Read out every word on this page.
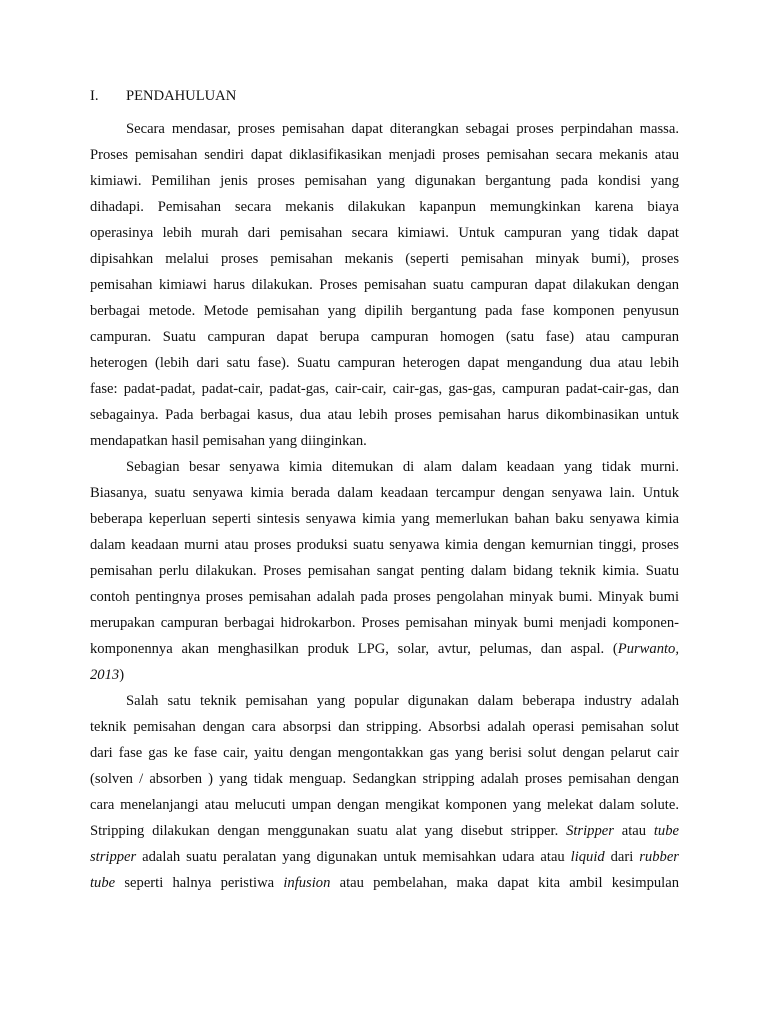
I. PENDAHULUAN
Secara mendasar, proses pemisahan dapat diterangkan sebagai proses perpindahan massa.
Proses pemisahan sendiri dapat diklasifikasikan menjadi proses pemisahan secara mekanis atau
kimiawi. Pemilihan jenis proses pemisahan yang digunakan bergantung pada kondisi yang
dihadapi. Pemisahan secara mekanis dilakukan kapanpun memungkinkan karena biaya
operasinya lebih murah dari pemisahan secara kimiawi. Untuk campuran yang tidak dapat
dipisahkan melalui proses pemisahan mekanis (seperti pemisahan minyak bumi), proses
pemisahan kimiawi harus dilakukan. Proses pemisahan suatu campuran dapat dilakukan dengan
berbagai metode. Metode pemisahan yang dipilih bergantung pada fase komponen penyusun
campuran. Suatu campuran dapat berupa campuran homogen (satu fase) atau campuran
heterogen (lebih dari satu fase). Suatu campuran heterogen dapat mengandung dua atau lebih
fase: padat-padat, padat-cair, padat-gas, cair-cair, cair-gas, gas-gas, campuran padat-cair-gas, dan
sebagainya. Pada berbagai kasus, dua atau lebih proses pemisahan harus dikombinasikan untuk
mendapatkan hasil pemisahan yang diinginkan.
Sebagian besar senyawa kimia ditemukan di alam dalam keadaan yang tidak murni.
Biasanya, suatu senyawa kimia berada dalam keadaan tercampur dengan senyawa lain. Untuk
beberapa keperluan seperti sintesis senyawa kimia yang memerlukan bahan baku senyawa kimia
dalam keadaan murni atau proses produksi suatu senyawa kimia dengan kemurnian tinggi, proses
pemisahan perlu dilakukan. Proses pemisahan sangat penting dalam bidang teknik kimia. Suatu
contoh pentingnya proses pemisahan adalah pada proses pengolahan minyak bumi. Minyak bumi
merupakan campuran berbagai hidrokarbon. Proses pemisahan minyak bumi menjadi komponen-
komponennya akan menghasilkan produk LPG, solar, avtur, pelumas, dan aspal. (Purwanto,
2013)
Salah satu teknik pemisahan yang popular digunakan dalam beberapa industry adalah
teknik pemisahan dengan cara absorpsi dan stripping. Absorbsi adalah operasi pemisahan solut
dari fase gas ke fase cair, yaitu dengan mengontakkan gas yang berisi solut dengan pelarut cair
(solven / absorben ) yang tidak menguap. Sedangkan stripping adalah proses pemisahan dengan
cara menelanjangi atau melucuti umpan dengan mengikat komponen yang melekat dalam solute.
Stripping dilakukan dengan menggunakan suatu alat yang disebut stripper. Stripper atau tube
stripper adalah suatu peralatan yang digunakan untuk memisahkan udara atau liquid dari rubber
tube seperti halnya peristiwa infusion atau pembelahan, maka dapat kita ambil kesimpulan
